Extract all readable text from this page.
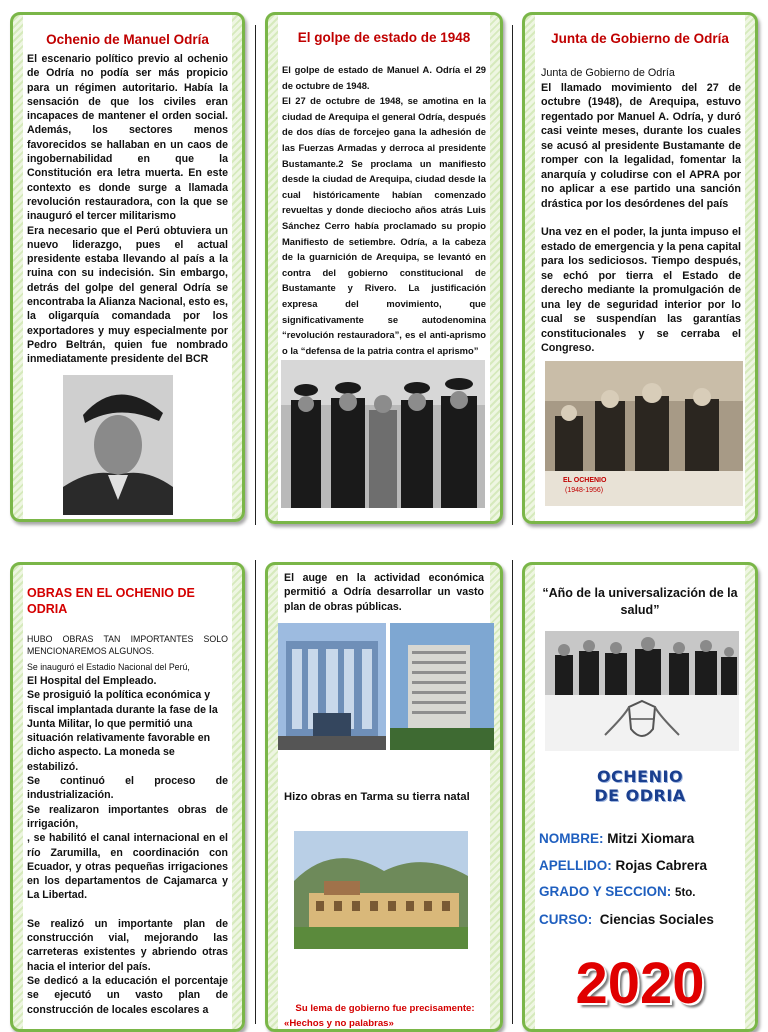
Ochenio de Manuel Odría

El escenario político previo al ochenio de Odría no podía ser más propicio para un régimen autoritario. Había la sensación de que los civiles eran incapaces de mantener el orden social. Además, los sectores menos favorecidos se hallaban en un caos de ingobernabilidad en que la Constitución era letra muerta. En este contexto es donde surge a llamada revolución restauradora, con la que se inauguró el tercer militarismo

Era necesario que el Perú obtuviera un nuevo liderazgo, pues el actual presidente estaba llevando al país a la ruina con su indecisión. Sin embargo, detrás del golpe del general Odría se encontraba la Alianza Nacional, esto es, la oligarquía comandada por los exportadores y muy especialmente por Pedro Beltrán, quien fue nombrado inmediatamente presidente del BCR

El golpe de estado de 1948

El golpe de estado de Manuel A. Odría el 29 de octubre de 1948.

El 27 de octubre de 1948, se amotina en la ciudad de Arequipa el general Odría, después de dos días de forcejeo gana la adhesión de las Fuerzas Armadas y derroca al presidente Bustamante.2 Se proclama un manifiesto desde la ciudad de Arequipa, ciudad desde la cual históricamente habían comenzado revueltas y donde dieciocho años atrás Luis Sánchez Cerro había proclamado su propio Manifiesto de setiembre. Odría, a la cabeza de la guarnición de Arequipa, se levantó en contra del gobierno constitucional de Bustamante y Rivero. La justificación expresa del movimiento, que significativamente se autodenomina “revolución restauradora”, es el anti-aprismo o la “defensa de la patria contra el aprismo”

Junta de Gobierno de Odría

Junta de Gobierno de Odría

El llamado movimiento del 27 de octubre (1948), de Arequipa, estuvo regentado por Manuel A. Odría, y duró casi veinte meses, durante los cuales se acusó al presidente Bustamante de romper con la legalidad, fomentar la anarquía y coludirse con el APRA por no aplicar a ese partido una sanción drástica por los desórdenes del país

Una vez en el poder, la junta impuso el estado de emergencia y la pena capital para los sediciosos. Tiempo después, se echó por tierra el Estado de derecho mediante la promulgación de una ley de seguridad interior por lo cual se suspendían las garantías constitucionales y se cerraba el Congreso.

EL OCHENIO
(1948-1956)
OBRAS EN EL OCHENIO DE ODRIA

HUBO OBRAS TAN IMPORTANTES SOLO MENCIONAREMOS ALGUNOS.

Se inauguró el Estadio Nacional del Perú,

El Hospital del Empleado.

Se prosiguió la política económica y fiscal implantada durante la fase de la Junta Militar, lo que permitió una situación relativamente favorable en dicho aspecto. La moneda se estabilizó.

Se continuó el proceso de industrialización.

Se realizaron importantes obras de irrigación,

, se habilitó el canal internacional en el río Zarumilla, en coordinación con Ecuador, y otras pequeñas irrigaciones en los departamentos de Cajamarca y La Libertad.

Se realizó un importante plan de construcción vial, mejorando las carreteras existentes y abriendo otras hacia el interior del país.

Se dedicó a la educación el porcentaje se ejecutó un vasto plan de construcción de locales escolares a

El auge en la actividad económica permitió a Odría desarrollar un vasto plan de obras públicas.
Hizo obras en Tarma su tierra natal
Su lema de gobierno fue precisamente:
«Hechos y no palabras»
“Año de la universalización de la salud”
OCHENIO
DE ODRIA
NOMBRE: Mitzi Xiomara
APELLIDO: Rojas Cabrera
GRADO Y SECCION: 5to.
CURSO: Ciencias Sociales
2020
